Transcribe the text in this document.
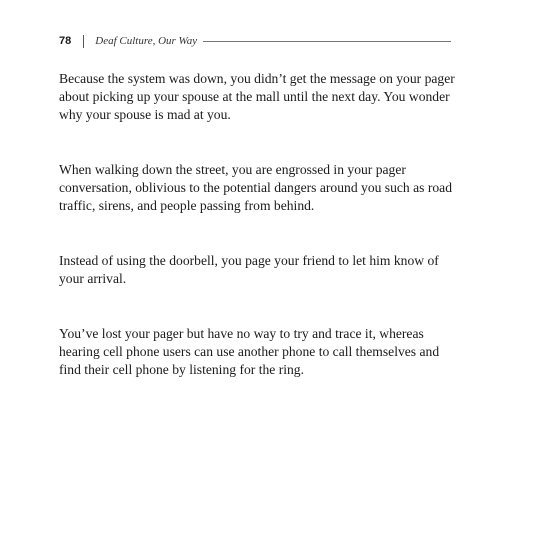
78 Deaf Culture, Our Way

Because the system was down, you didn’t get the message on your pager about picking up your spouse at the mall until the next day. You wonder why your spouse is mad at you.

When walking down the street, you are engrossed in your pager conversation, oblivious to the potential dangers around you such as road traffic, sirens, and people passing from behind.

Instead of using the doorbell, you page your friend to let him know of your arrival.

You’ve lost your pager but have no way to try and trace it, whereas hearing cell phone users can use another phone to call themselves and find their cell phone by listening for the ring.
